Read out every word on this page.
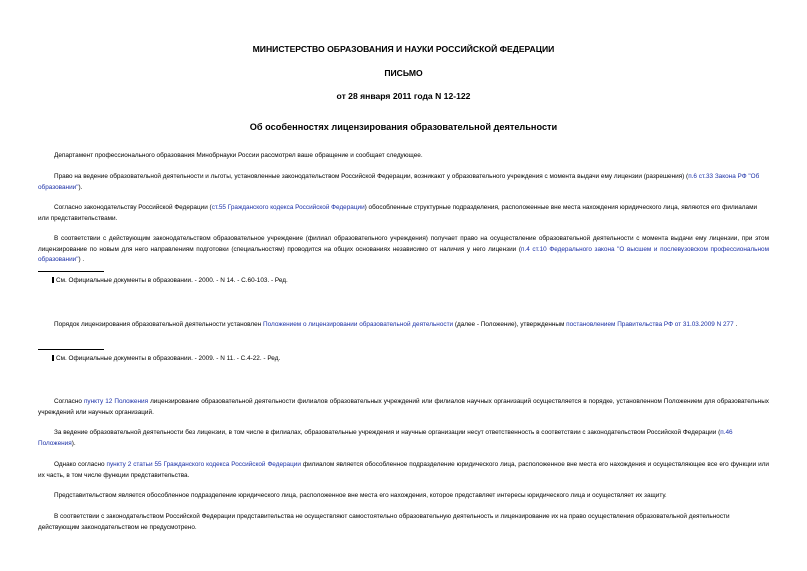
МИНИСТЕРСТВО ОБРАЗОВАНИЯ И НАУКИ РОССИЙСКОЙ ФЕДЕРАЦИИ
ПИСЬМО
от 28 января 2011 года N 12-122
Об особенностях лицензирования образовательной деятельности

Департамент профессионального образования Минобрнауки России рассмотрел ваше обращение и сообщает следующее.

Право на ведение образовательной деятельности и льготы, установленные законодательством Российской Федерации, возникают у образовательного учреждения с момента выдачи ему лицензии (разрешения) (п.6 ст.33 Закона РФ "Об образовании").

Согласно законодательству Российской Федерации (ст.55 Гражданского кодекса Российской Федерации) обособленные структурные подразделения, расположенные вне места нахождения юридического лица, являются его филиалами или представительствами.

В соответствии с действующим законодательством образовательное учреждение (филиал образовательного учреждения) получает право на осуществление образовательной деятельности с момента выдачи ему лицензии, при этом лицензирование по новым для него направлениям подготовки (специальностям) проводится на общих основаниях независимо от наличия у него лицензии (п.4 ст.10 Федерального закона "О высшем и послевузовском профессиональном образовании") .

См. Официальные документы в образовании. - 2000. - N 14. - С.60-103. - Ред.

Порядок лицензирования образовательной деятельности установлен Положением о лицензировании образовательной деятельности (далее - Положение), утвержденным постановлением Правительства РФ от 31.03.2009 N 277 .

См. Официальные документы в образовании. - 2009. - N 11. - С.4-22. - Ред.

Согласно пункту 12 Положения лицензирование образовательной деятельности филиалов образовательных учреждений или филиалов научных организаций осуществляется в порядке, установленном Положением для образовательных учреждений или научных организаций.

За ведение образовательной деятельности без лицензии, в том числе в филиалах, образовательные учреждения и научные организации несут ответственность в соответствии с законодательством Российской Федерации (п.46 Положения).

Однако согласно пункту 2 статьи 55 Гражданского кодекса Российской Федерации филиалом является обособленное подразделение юридического лица, расположенное вне места его нахождения и осуществляющее все его функции или их часть, в том числе функции представительства.

Представительством является обособленное подразделение юридического лица, расположенное вне места его нахождения, которое представляет интересы юридического лица и осуществляет их защиту.

В соответствии с законодательством Российской Федерации представительства не осуществляют самостоятельно образовательную деятельность и лицензирование их на право осуществления образовательной деятельности действующим законодательством не предусмотрено.
